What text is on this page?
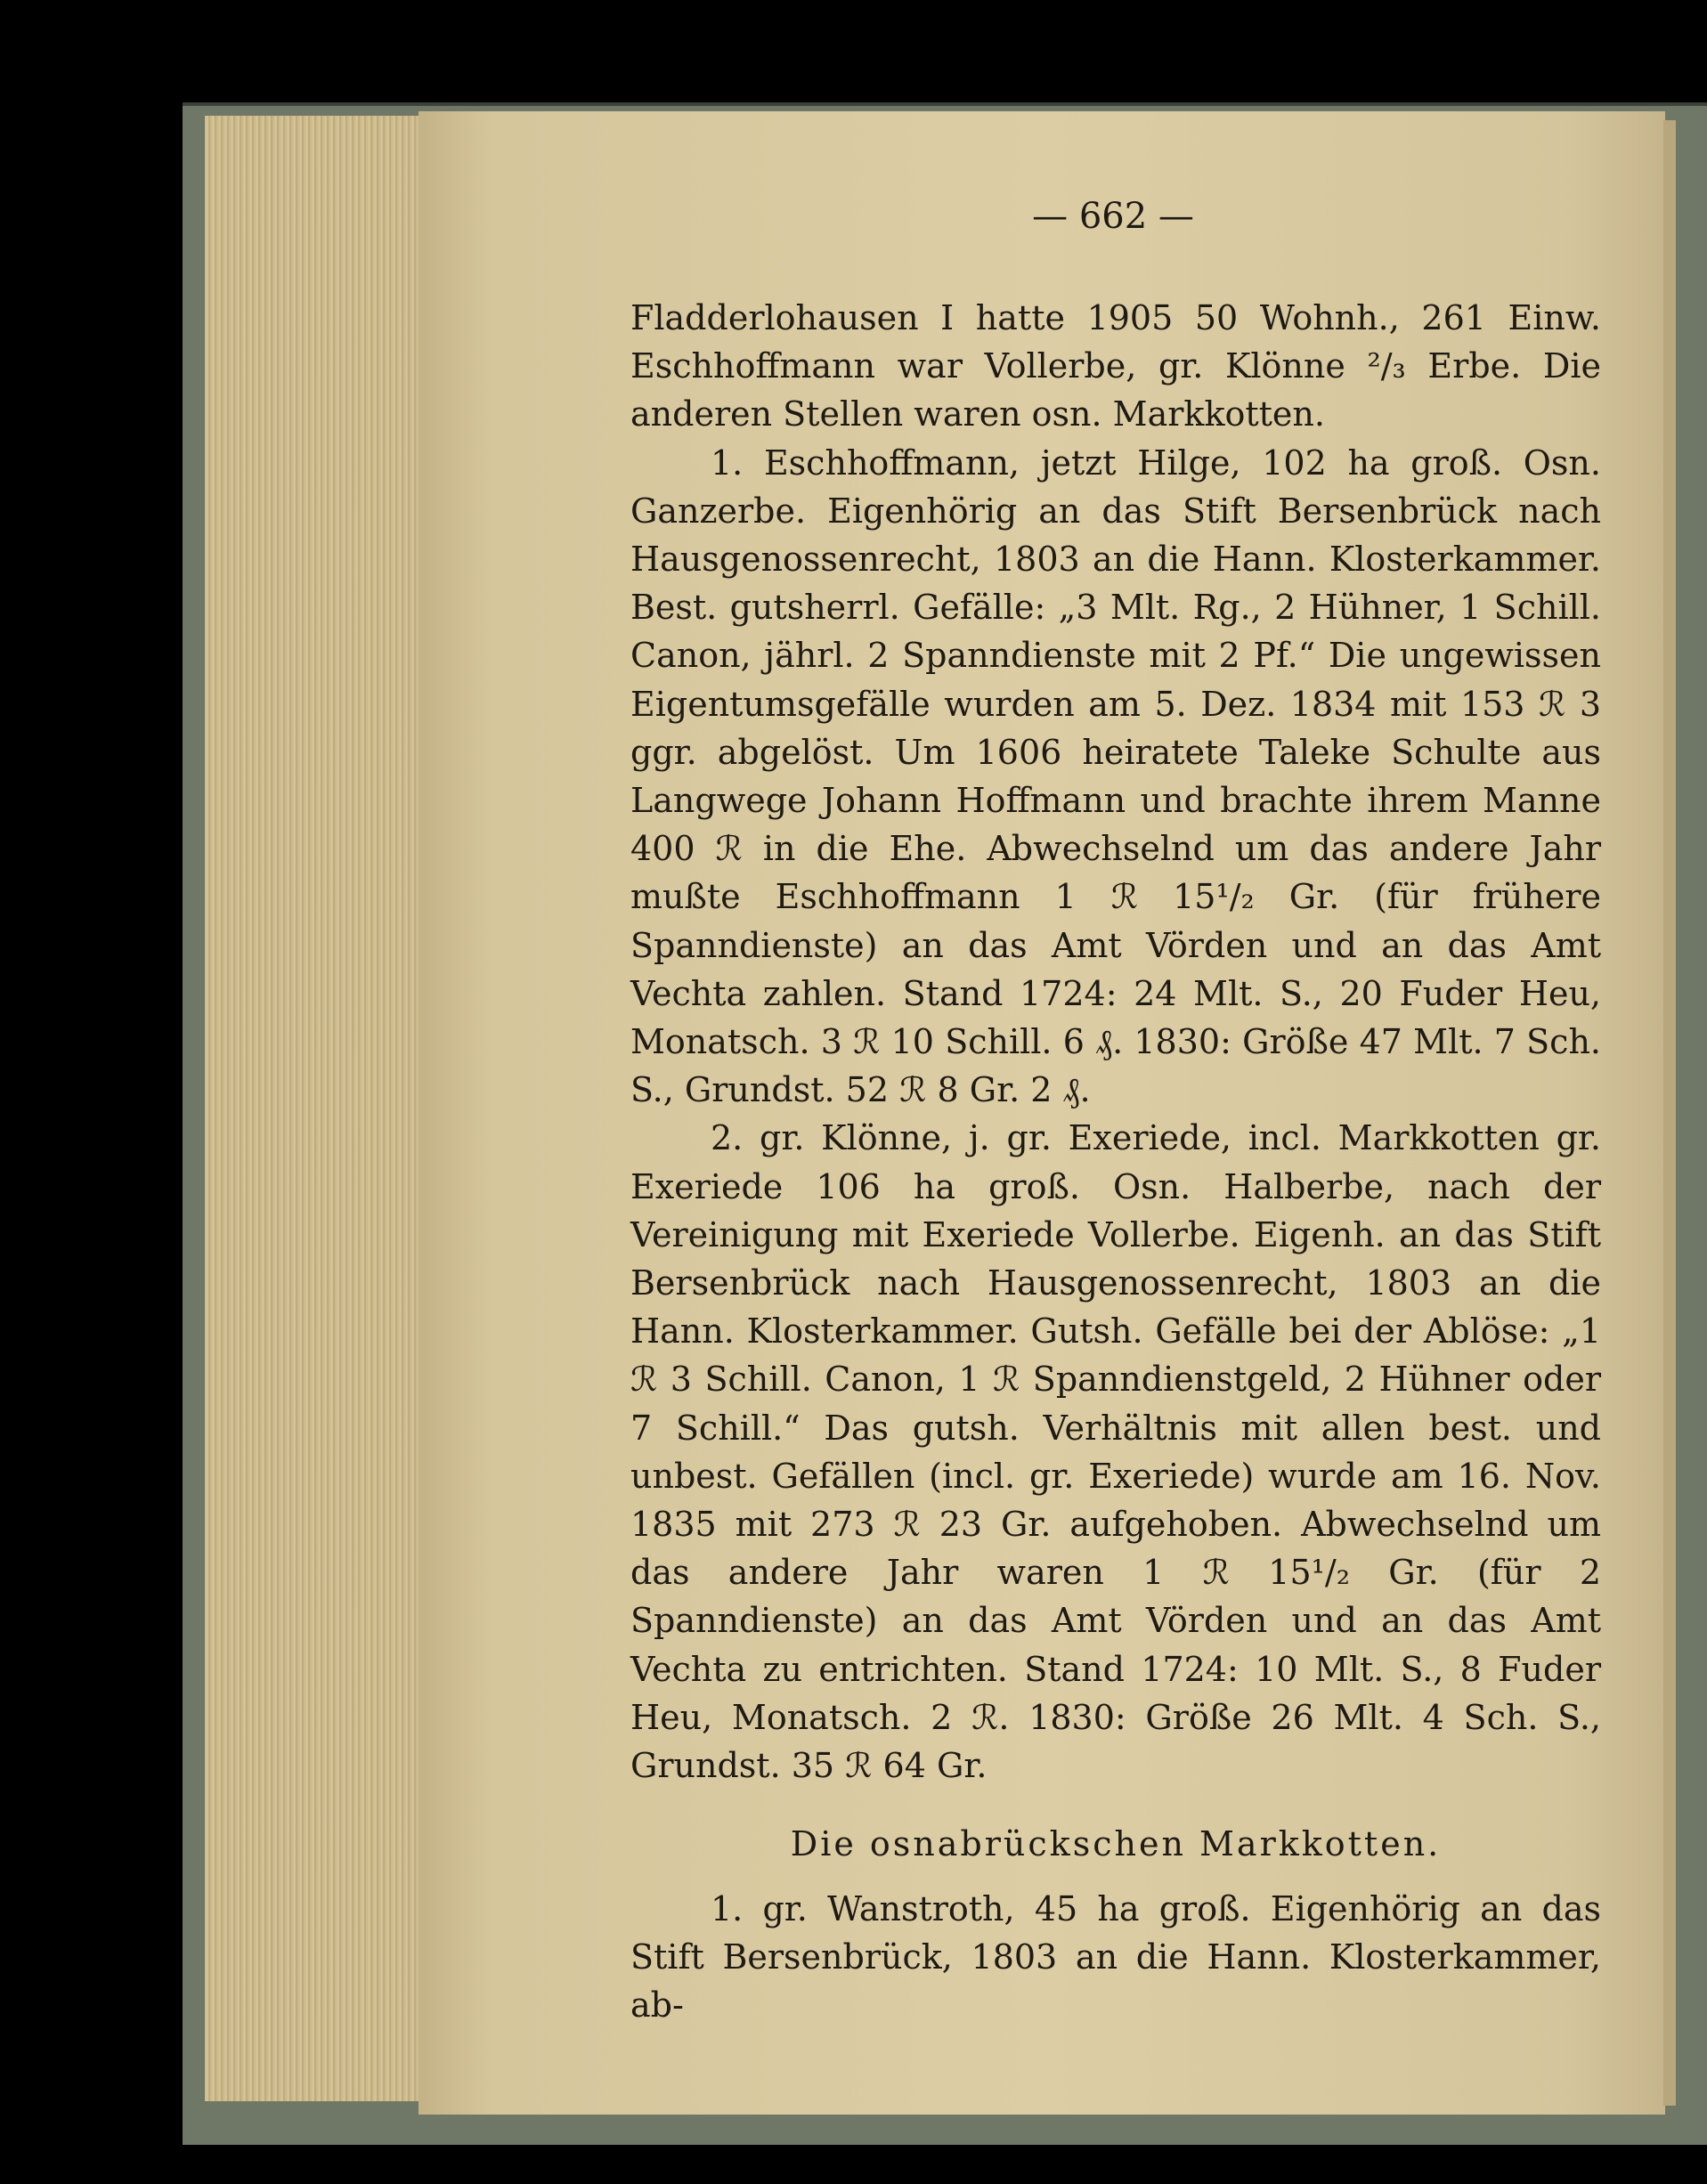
— 662 —

Fladderlohausen I hatte 1905 50 Wohnh., 261 Einw. Eschhoffmann war Vollerbe, gr. Klönne ²/₃ Erbe. Die anderen Stellen waren osn. Markkotten.

1. Eschhoffmann, jetzt Hilge, 102 ha groß. Osn. Ganzerbe. Eigenhörig an das Stift Bersenbrück nach Hausgenossenrecht, 1803 an die Hann. Klosterkammer. Best. gutsherrl. Gefälle: „3 Mlt. Rg., 2 Hühner, 1 Schill. Canon, jährl. 2 Spanndienste mit 2 Pf.“ Die ungewissen Eigentumsgefälle wurden am 5. Dez. 1834 mit 153 ℛ 3 ggr. abgelöst. Um 1606 heiratete Taleke Schulte aus Langwege Johann Hoffmann und brachte ihrem Manne 400 ℛ in die Ehe. Abwechselnd um das andere Jahr mußte Eschhoffmann 1 ℛ 15¹/₂ Gr. (für frühere Spanndienste) an das Amt Vörden und an das Amt Vechta zahlen. Stand 1724: 24 Mlt. S., 20 Fuder Heu, Monatsch. 3 ℛ 10 Schill. 6 ₰. 1830: Größe 47 Mlt. 7 Sch. S., Grundst. 52 ℛ 8 Gr. 2 ₰.

2. gr. Klönne, j. gr. Exeriede, incl. Markkotten gr. Exeriede 106 ha groß. Osn. Halberbe, nach der Vereinigung mit Exeriede Vollerbe. Eigenh. an das Stift Bersenbrück nach Hausgenossenrecht, 1803 an die Hann. Klosterkammer. Gutsh. Gefälle bei der Ablöse: „1 ℛ 3 Schill. Canon, 1 ℛ Spanndienstgeld, 2 Hühner oder 7 Schill.“ Das gutsh. Verhältnis mit allen best. und unbest. Gefällen (incl. gr. Exeriede) wurde am 16. Nov. 1835 mit 273 ℛ 23 Gr. aufgehoben. Abwechselnd um das andere Jahr waren 1 ℛ 15¹/₂ Gr. (für 2 Spanndienste) an das Amt Vörden und an das Amt Vechta zu entrichten. Stand 1724: 10 Mlt. S., 8 Fuder Heu, Monatsch. 2 ℛ. 1830: Größe 26 Mlt. 4 Sch. S., Grundst. 35 ℛ 64 Gr.

Die osnabrückschen Markkotten.

1. gr. Wanstroth, 45 ha groß. Eigenhörig an das Stift Bersenbrück, 1803 an die Hann. Klosterkammer, ab-
